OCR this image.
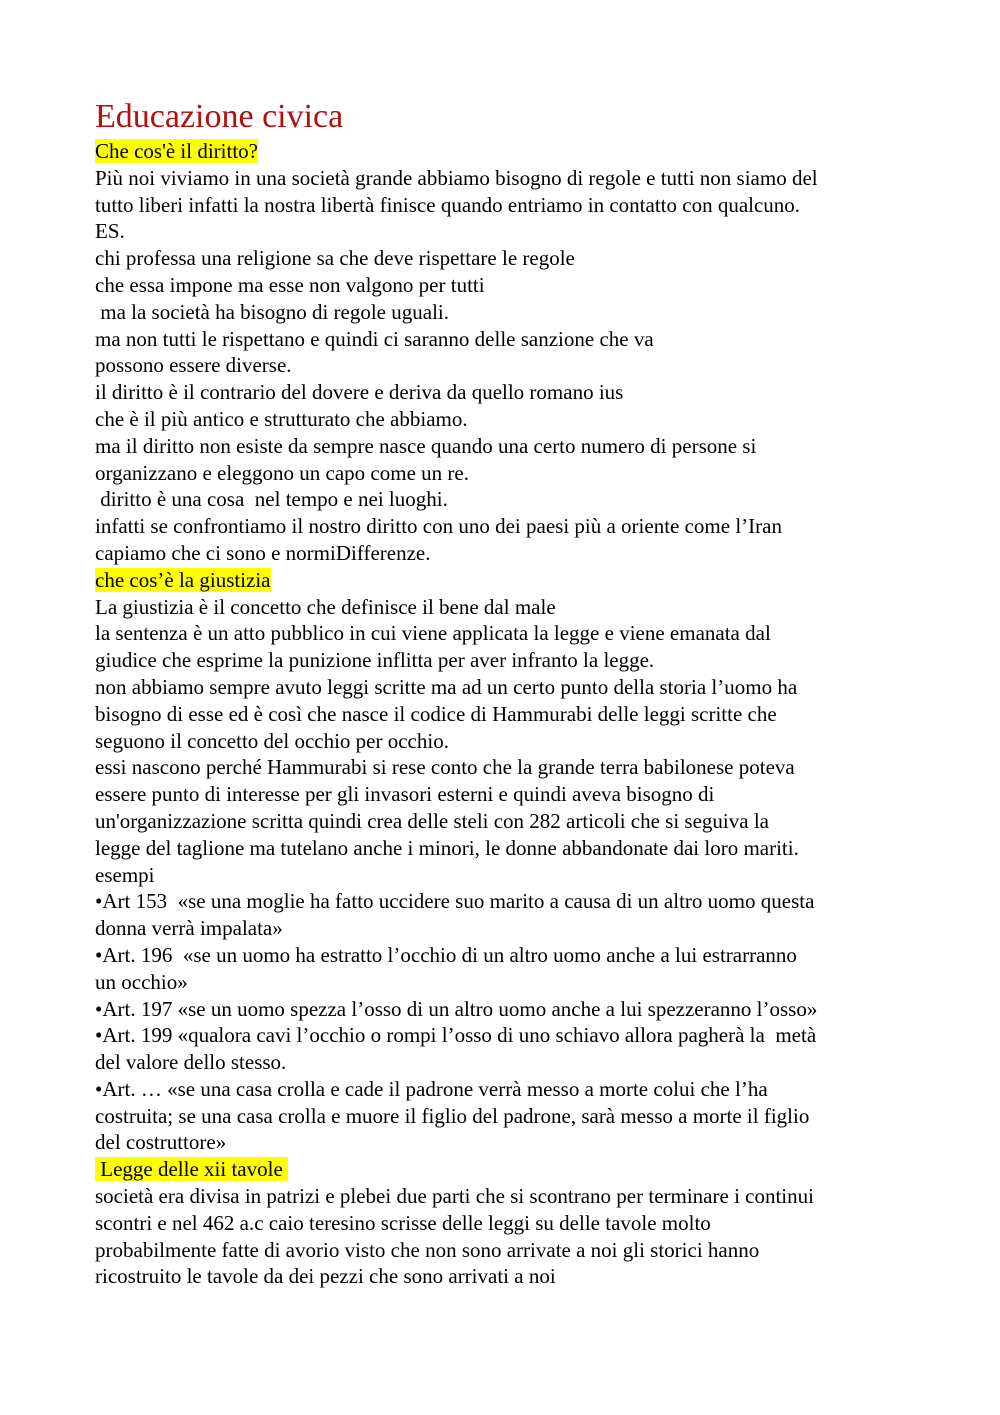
Educazione civica
Che cos'è il diritto?
Più noi viviamo in una società grande abbiamo bisogno di regole e tutti non siamo del
tutto liberi infatti la nostra libertà finisce quando entriamo in contatto con qualcuno.
ES.
chi professa una religione sa che deve rispettare le regole
che essa impone ma esse non valgono per tutti
ma la società ha bisogno di regole uguali.
ma non tutti le rispettano e quindi ci saranno delle sanzione che va
possono essere diverse.
il diritto è il contrario del dovere e deriva da quello romano ius
che è il più antico e strutturato che abbiamo.
ma il diritto non esiste da sempre nasce quando una certo numero di persone si
organizzano e eleggono un capo come un re.
diritto è una cosa  nel tempo e nei luoghi.
infatti se confrontiamo il nostro diritto con uno dei paesi più a oriente come l’Iran
capiamo che ci sono e normiDifferenze.
che cos’è la giustizia
La giustizia è il concetto che definisce il bene dal male
la sentenza è un atto pubblico in cui viene applicata la legge e viene emanata dal
giudice che esprime la punizione inflitta per aver infranto la legge.
non abbiamo sempre avuto leggi scritte ma ad un certo punto della storia l’uomo ha
bisogno di esse ed è così che nasce il codice di Hammurabi delle leggi scritte che
seguono il concetto del occhio per occhio.
essi nascono perché Hammurabi si rese conto che la grande terra babilonese poteva
essere punto di interesse per gli invasori esterni e quindi aveva bisogno di
un'organizzazione scritta quindi crea delle steli con 282 articoli che si seguiva la
legge del taglione ma tutelano anche i minori, le donne abbandonate dai loro mariti.
esempi
•Art 153  «se una moglie ha fatto uccidere suo marito a causa di un altro uomo questa
donna verrà impalata»
•Art. 196  «se un uomo ha estratto l’occhio di un altro uomo anche a lui estrarranno
un occhio»
•Art. 197 «se un uomo spezza l’osso di un altro uomo anche a lui spezzeranno l’osso»
•Art. 199 «qualora cavi l’occhio o rompi l’osso di uno schiavo allora pagherà la  metà
del valore dello stesso.
•Art. … «se una casa crolla e cade il padrone verrà messo a morte colui che l’ha
costruita; se una casa crolla e muore il figlio del padrone, sarà messo a morte il figlio
del costruttore»
Legge delle xii tavole
società era divisa in patrizi e plebei due parti che si scontrano per terminare i continui
scontri e nel 462 a.c caio teresino scrisse delle leggi su delle tavole molto
probabilmente fatte di avorio visto che non sono arrivate a noi gli storici hanno
ricostruito le tavole da dei pezzi che sono arrivati a noi
